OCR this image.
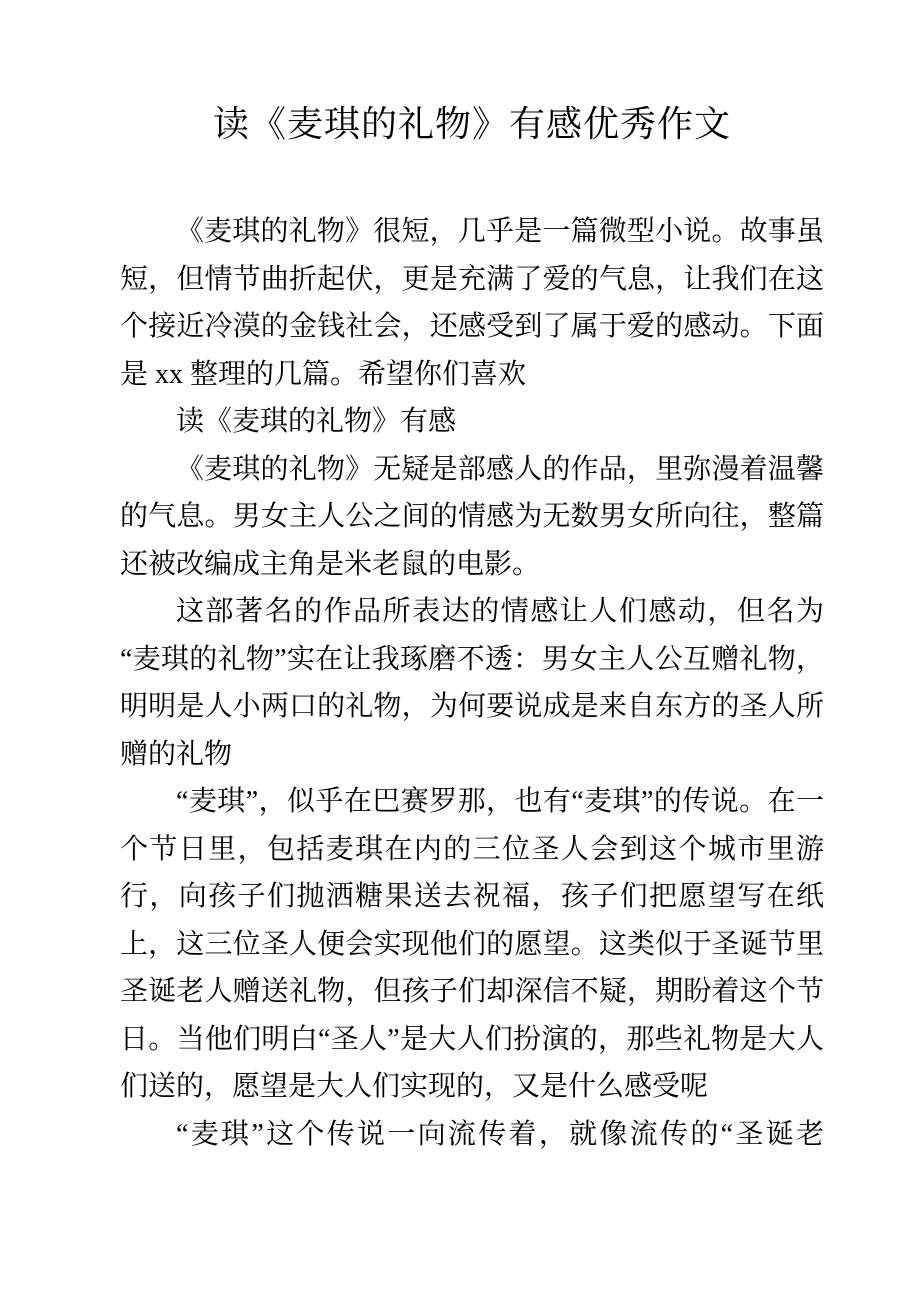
读《麦琪的礼物》有感优秀作文

《麦琪的礼物》很短，几乎是一篇微型小说。故事虽短，但情节曲折起伏，更是充满了爱的气息，让我们在这个接近冷漠的金钱社会，还感受到了属于爱的感动。下面是 xx 整理的几篇。希望你们喜欢

读《麦琪的礼物》有感

《麦琪的礼物》无疑是部感人的作品，里弥漫着温馨的气息。男女主人公之间的情感为无数男女所向往，整篇还被改编成主角是米老鼠的电影。

这部著名的作品所表达的情感让人们感动，但名为“麦琪的礼物”实在让我琢磨不透：男女主人公互赠礼物，明明是人小两口的礼物，为何要说成是来自东方的圣人所赠的礼物

“麦琪”，似乎在巴赛罗那，也有“麦琪”的传说。在一个节日里，包括麦琪在内的三位圣人会到这个城市里游行，向孩子们抛洒糖果送去祝福，孩子们把愿望写在纸上，这三位圣人便会实现他们的愿望。这类似于圣诞节里圣诞老人赠送礼物，但孩子们却深信不疑，期盼着这个节日。当他们明白“圣人”是大人们扮演的，那些礼物是大人们送的，愿望是大人们实现的，又是什么感受呢

“麦琪”这个传说一向流传着，就像流传的“圣诞老
